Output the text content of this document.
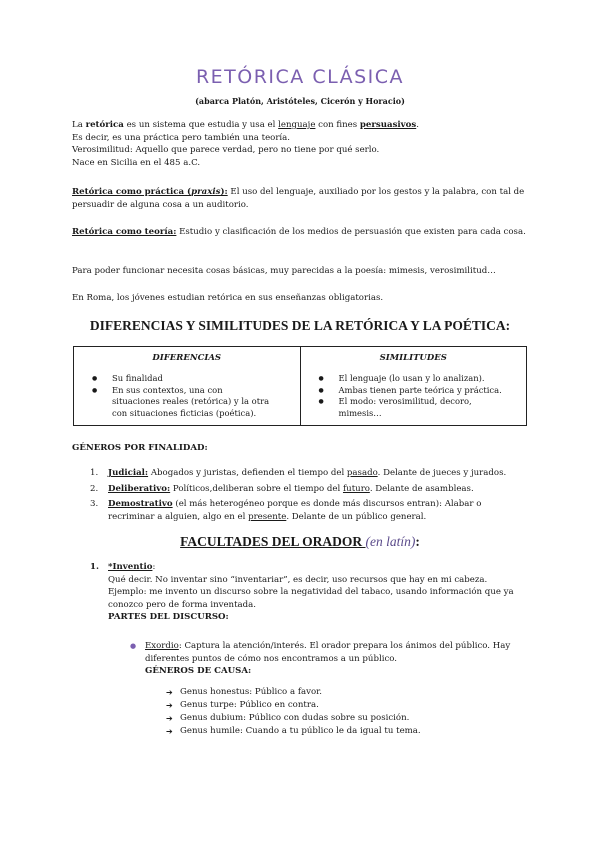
RETÓRICA CLÁSICA
(abarca Platón, Aristóteles, Cicerón y Horacio)
La retórica es un sistema que estudia y usa el lenguaje con fines persuasivos.
Es decir, es una práctica pero también una teoría.
Verosimilitud: Aquello que parece verdad, pero no tiene por qué serlo.
Nace en Sicilia en el 485 a.C.
Retórica como práctica (praxis): El uso del lenguaje, auxiliado por los gestos y la palabra, con tal de persuadir de alguna cosa a un auditorio.
Retórica como teoría: Estudio y clasificación de los medios de persuasión que existen para cada cosa.
Para poder funcionar necesita cosas básicas, muy parecidas a la poesía: mimesis, verosimilitud…
En Roma, los jóvenes estudian retórica en sus enseñanzas obligatorias.
DIFERENCIAS Y SIMILITUDES DE LA RETÓRICA Y LA POÉTICA:
DIFERENCIAS
● Su finalidad
● En sus contextos, una con situaciones reales (retórica) y la otra con situaciones ficticias (poética).

SIMILITUDES
● El lenguaje (lo usan y lo analizan).
● Ambas tienen parte teórica y práctica.
● El modo: verosimilitud, decoro, mimesis…
GÉNEROS POR FINALIDAD:
1. Judicial: Abogados y juristas, defienden el tiempo del pasado. Delante de jueces y jurados.
2. Deliberativo: Políticos,deliberan sobre el tiempo del futuro. Delante de asambleas.
3. Demostrativo (el más heterogéneo porque es donde más discursos entran): Alabar o recriminar a alguien, algo en el presente. Delante de un público general.
FACULTADES DEL ORADOR (en latín):
1. *Inventio:
Qué decir. No inventar sino “inventariar”, es decir, uso recursos que hay en mi cabeza.
Ejemplo: me invento un discurso sobre la negatividad del tabaco, usando información que ya conozco pero de forma inventada.
PARTES DEL DISCURSO:
● Exordio: Captura la atención/interés. El orador prepara los ánimos del público. Hay diferentes puntos de cómo nos encontramos a un público.
GÉNEROS DE CAUSA:
➔ Genus honestus: Público a favor.
➔ Genus turpe: Público en contra.
➔ Genus dubium: Público con dudas sobre su posición.
➔ Genus humile: Cuando a tu público le da igual tu tema.
